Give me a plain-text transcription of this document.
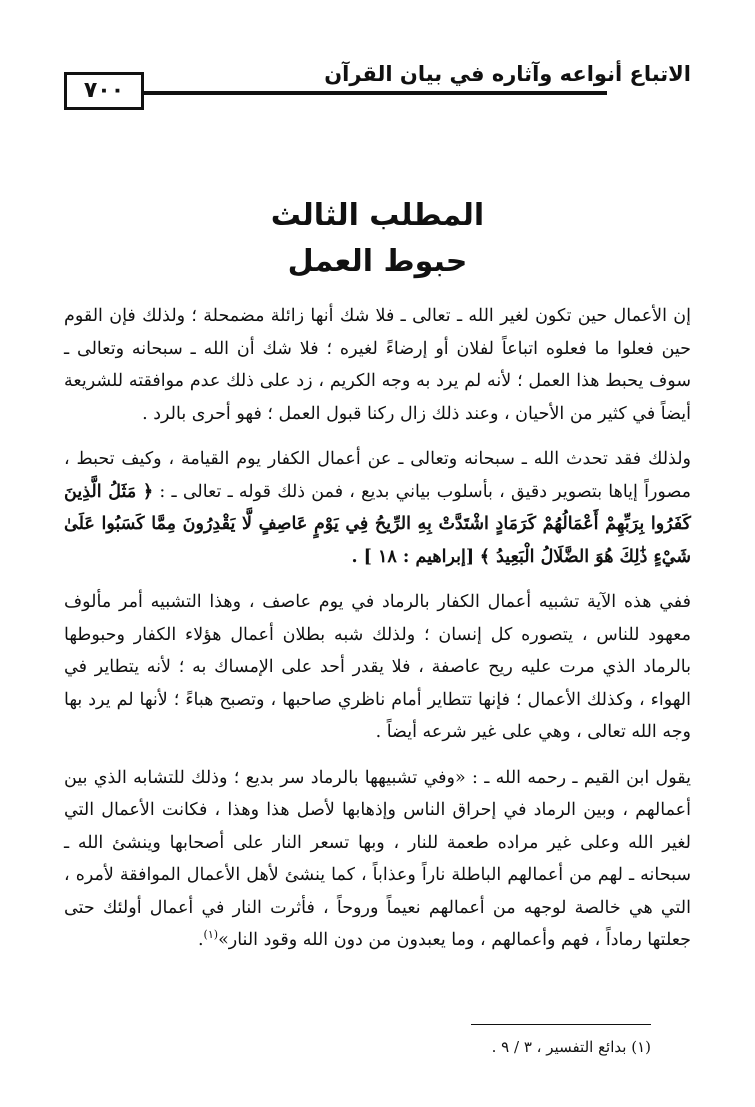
الاتباع أنواعه وآثاره في بيان القرآن
٧٠٠
المطلب الثالث
حبوط العمل

إن الأعمال حين تكون لغير الله ـ تعالى ـ فلا شك أنها زائلة مضمحلة ؛ ولذلك فإن القوم حين فعلوا ما فعلوه اتباعاً لفلان أو إرضاءً لغيره ؛ فلا شك أن الله ـ سبحانه وتعالى ـ سوف يحبط هذا العمل ؛ لأنه لم يرد به وجه الكريم ، زد على ذلك عدم موافقته للشريعة أيضاً في كثير من الأحيان ، وعند ذلك زال ركنا قبول العمل ؛ فهو أحرى بالرد .

ولذلك فقد تحدث الله ـ سبحانه وتعالى ـ عن أعمال الكفار يوم القيامة ، وكيف تحبط ، مصوراً إياها بتصوير دقيق ، بأسلوب بياني بديع ، فمن ذلك قوله ـ تعالى ـ : ﴿ مَثَلُ الَّذِينَ كَفَرُوا بِرَبِّهِمْ أَعْمَالُهُمْ كَرَمَادٍ اشْتَدَّتْ بِهِ الرِّيحُ فِي يَوْمٍ عَاصِفٍ لَّا يَقْدِرُونَ مِمَّا كَسَبُوا عَلَىٰ شَيْءٍ ذَٰلِكَ هُوَ الضَّلَالُ الْبَعِيدُ ﴾ [إبراهيم : ١٨ ] .

ففي هذه الآية تشبيه أعمال الكفار بالرماد في يوم عاصف ، وهذا التشبيه أمر مألوف معهود للناس ، يتصوره كل إنسان ؛ ولذلك شبه بطلان أعمال هؤلاء الكفار وحبوطها بالرماد الذي مرت عليه ريح عاصفة ، فلا يقدر أحد على الإمساك به ؛ لأنه يتطاير في الهواء ، وكذلك الأعمال ؛ فإنها تتطاير أمام ناظري صاحبها ، وتصبح هباءً ؛ لأنها لم يرد بها وجه الله تعالى ، وهي على غير شرعه أيضاً .

يقول ابن القيم ـ رحمه الله ـ : «وفي تشبيهها بالرماد سر بديع ؛ وذلك للتشابه الذي بين أعمالهم ، وبين الرماد في إحراق الناس وإذهابها لأصل هذا وهذا ، فكانت الأعمال التي لغير الله وعلى غير مراده طعمة للنار ، وبها تسعر النار على أصحابها وينشئ الله ـ سبحانه ـ لهم من أعمالهم الباطلة ناراً وعذاباً ، كما ينشئ لأهل الأعمال الموافقة لأمره ، التي هي خالصة لوجهه من أعمالهم نعيماً وروحاً ، فأثرت النار في أعمال أولئك حتى جعلتها رماداً ، فهم وأعمالهم ، وما يعبدون من دون الله وقود النار»$^{(١)}$.

(١) بدائع التفسير ، ٣ / ٩ .
